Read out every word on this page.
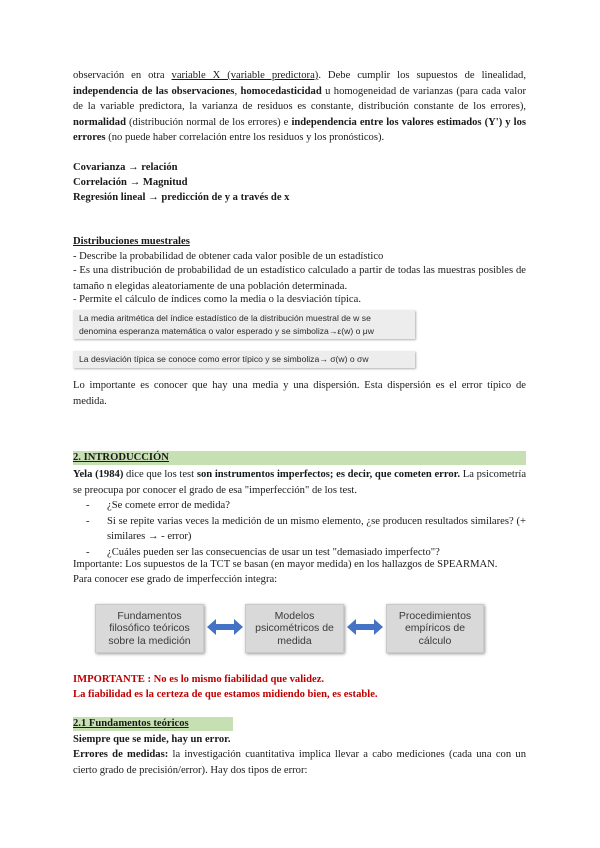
observación en otra variable X (variable predictora). Debe cumplir los supuestos de linealidad, independencia de las observaciones, homocedasticidad u homogeneidad de varianzas (para cada valor de la variable predictora, la varianza de residuos es constante, distribución constante de los errores), normalidad (distribución normal de los errores) e independencia entre los valores estimados (Y') y los errores (no puede haber correlación entre los residuos y los pronósticos).

Covarianza → relación
Correlación → Magnitud
Regresión lineal → predicción de y a través de x
Distribuciones muestrales
- Describe la probabilidad de obtener cada valor posible de un estadístico

- Es una distribución de probabilidad de un estadístico calculado a partir de todas las muestras posibles de tamaño n elegidas aleatoriamente de una población determinada.

- Permite el cálculo de índices como la media o la desviación típica.
La media aritmética del índice estadístico de la distribución muestral de w se
denomina esperanza matemática o valor esperado y se simboliza→ε(w) o μw
La desviación típica se conoce como error típico y se simboliza→ σ(w) o σw

Lo importante es conocer que hay una media y una dispersión. Esta dispersión es el error típico de medida.

2. INTRODUCCIÓN

Yela (1984) dice que los test son instrumentos imperfectos; es decir, que cometen error. La psicometría se preocupa por conocer el grado de esa "imperfección" de los test.

- ¿Se comete error de medida?
- Si se repite varias veces la medición de un mismo elemento, ¿se producen resultados similares? (+ similares → - error)
- ¿Cuáles pueden ser las consecuencias de usar un test "demasiado imperfecto"?
Importante: Los supuestos de la TCT se basan (en mayor medida) en los hallazgos de SPEARMAN.
Para conocer ese grado de imperfección integra:
Fundamentos filosófico teóricos sobre la medición
Modelos psicométricos de medida
Procedimientos empíricos de cálculo
IMPORTANTE : No es lo mismo fiabilidad que validez.
La fiabilidad es la certeza de que estamos midiendo bien, es estable.
2.1 Fundamentos teóricos
Siempre que se mide, hay un error.

Errores de medidas: la investigación cuantitativa implica llevar a cabo mediciones (cada una con un cierto grado de precisión/error). Hay dos tipos de error:
